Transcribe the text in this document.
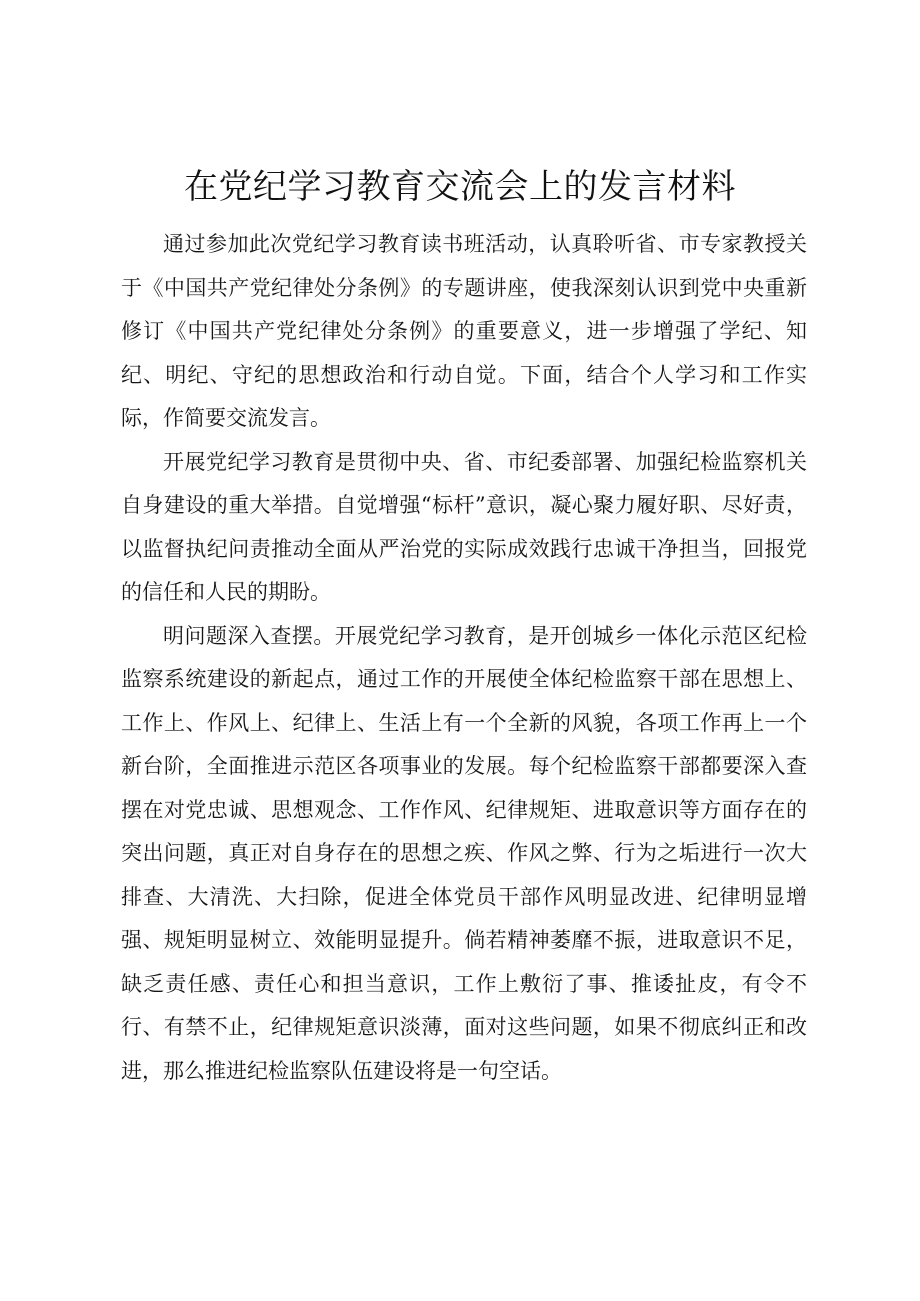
在党纪学习教育交流会上的发言材料

通过参加此次党纪学习教育读书班活动，认真聆听省、市专家教授关于《中国共产党纪律处分条例》的专题讲座，使我深刻认识到党中央重新修订《中国共产党纪律处分条例》的重要意义，进一步增强了学纪、知纪、明纪、守纪的思想政治和行动自觉。下面，结合个人学习和工作实际，作简要交流发言。

开展党纪学习教育是贯彻中央、省、市纪委部署、加强纪检监察机关自身建设的重大举措。自觉增强“标杆”意识，凝心聚力履好职、尽好责，以监督执纪问责推动全面从严治党的实际成效践行忠诚干净担当，回报党的信任和人民的期盼。

明问题深入查摆。开展党纪学习教育，是开创城乡一体化示范区纪检监察系统建设的新起点，通过工作的开展使全体纪检监察干部在思想上、工作上、作风上、纪律上、生活上有一个全新的风貌，各项工作再上一个新台阶，全面推进示范区各项事业的发展。每个纪检监察干部都要深入查摆在对党忠诚、思想观念、工作作风、纪律规矩、进取意识等方面存在的突出问题，真正对自身存在的思想之疾、作风之弊、行为之垢进行一次大排查、大清洗、大扫除，促进全体党员干部作风明显改进、纪律明显增强、规矩明显树立、效能明显提升。倘若精神萎靡不振，进取意识不足，缺乏责任感、责任心和担当意识，工作上敷衍了事、推诿扯皮，有令不行、有禁不止，纪律规矩意识淡薄，面对这些问题，如果不彻底纠正和改进，那么推进纪检监察队伍建设将是一句空话。
